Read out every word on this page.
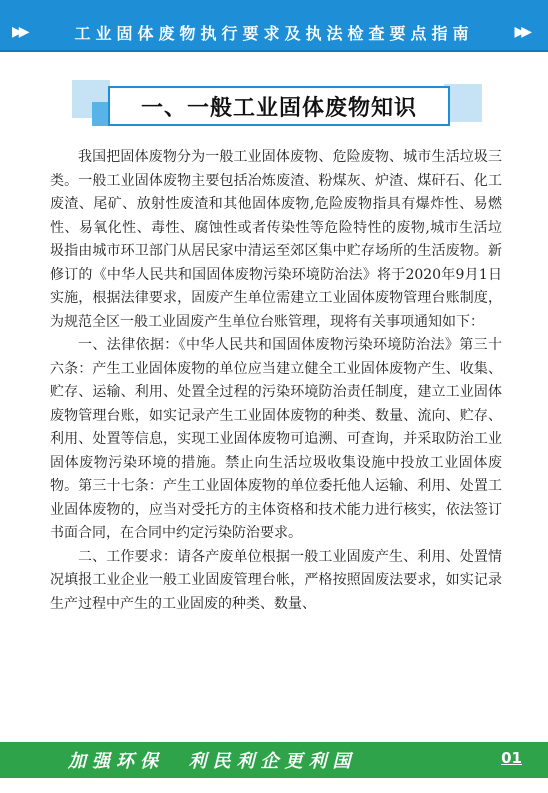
▶▶	工业固体废物执行要求及执法检查要点指南	▶▶
一、一般工业固体废物知识

我国把固体废物分为一般工业固体废物、危险废物、城市生活垃圾三类。一般工业固体废物主要包括冶炼废渣、粉煤灰、炉渣、煤矸石、化工废渣、尾矿、放射性废渣和其他固体废物,危险废物指具有爆炸性、易燃性、易氧化性、毒性、腐蚀性或者传染性等危险特性的废物,城市生活垃圾指由城市环卫部门从居民家中清运至郊区集中贮存场所的生活废物。新修订的《中华人民共和国固体废物污染环境防治法》将于2020年9月1日实施，根据法律要求，固废产生单位需建立工业固体废物管理台账制度，为规范全区一般工业固废产生单位台账管理，现将有关事项通知如下：

一、法律依据：《中华人民共和国固体废物污染环境防治法》第三十六条：产生工业固体废物的单位应当建立健全工业固体废物产生、收集、贮存、运输、利用、处置全过程的污染环境防治责任制度，建立工业固体废物管理台账，如实记录产生工业固体废物的种类、数量、流向、贮存、利用、处置等信息，实现工业固体废物可追溯、可查询，并采取防治工业固体废物污染环境的措施。禁止向生活垃圾收集设施中投放工业固体废物。第三十七条：产生工业固体废物的单位委托他人运输、利用、处置工业固体废物的，应当对受托方的主体资格和技术能力进行核实，依法签订书面合同，在合同中约定污染防治要求。

二、工作要求：请各产废单位根据一般工业固废产生、利用、处置情况填报工业企业一般工业固废管理台帐，严格按照固废法要求，如实记录生产过程中产生的工业固废的种类、数量、

加强环保  利民利企更利国	01
